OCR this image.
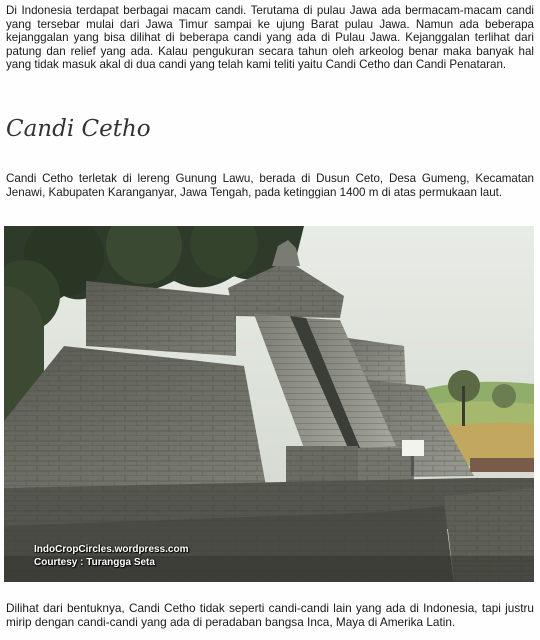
Di Indonesia terdapat berbagai macam candi. Terutama di pulau Jawa ada bermacam-macam candi yang tersebar mulai dari Jawa Timur sampai ke ujung Barat pulau Jawa. Namun ada beberapa kejanggalan yang bisa dilihat di beberapa candi yang ada di Pulau Jawa. Kejanggalan terlihat dari patung dan relief yang ada. Kalau pengukuran secara tahun oleh arkeolog benar maka banyak hal yang tidak masuk akal di dua candi yang telah kami teliti yaitu Candi Cetho dan Candi Penataran.

Candi Cetho

Candi Cetho terletak di lereng Gunung Lawu, berada di Dusun Ceto, Desa Gumeng, Kecamatan Jenawi, Kabupaten Karanganyar, Jawa Tengah, pada ketinggian 1400 m di atas permukaan laut.

IndoCropCircles.wordpress.com
Courtesy : Turangga Seta

Dilihat dari bentuknya, Candi Cetho tidak seperti candi-candi lain yang ada di Indonesia, tapi justru mirip dengan candi-candi yang ada di peradaban bangsa Inca, Maya di Amerika Latin.
